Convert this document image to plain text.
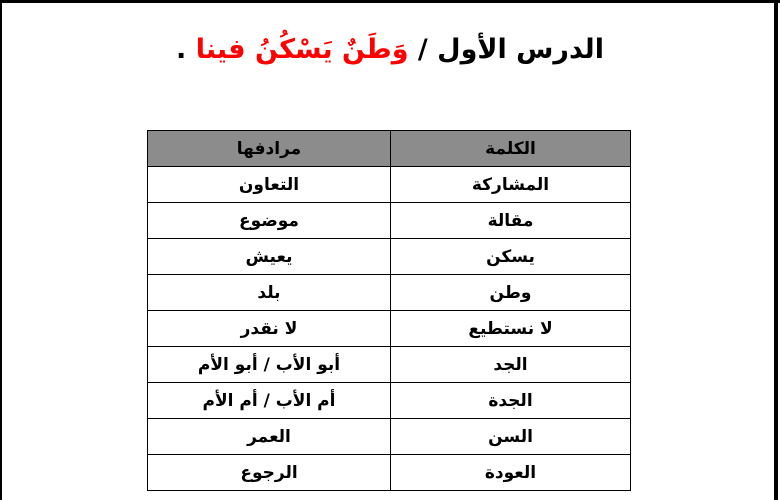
الدرس الأول / وَطَنٌ يَسْكُنُ فينا .
الكلمة	مرادفها
المشاركة	التعاون
مقالة	موضوع
يسكن	يعيش
وطن	بلد
لا نستطيع	لا نقدر
الجد	أبو الأب / أبو الأم
الجدة	أم الأب / أم الأم
السن	العمر
العودة	الرجوع
